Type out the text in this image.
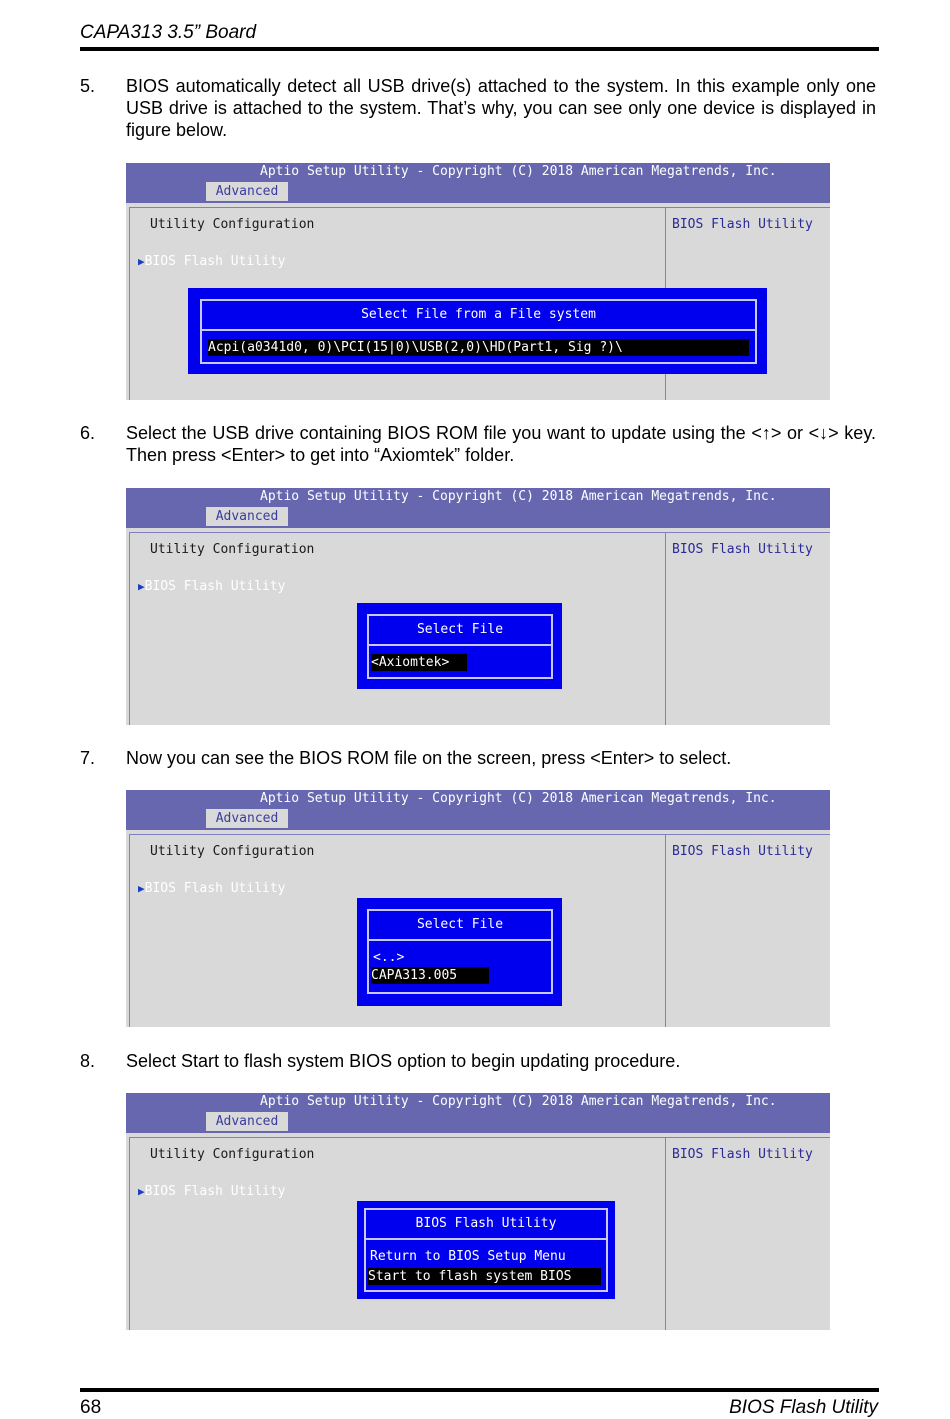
CAPA313 3.5” Board
5. BIOS automatically detect all USB drive(s) attached to the system. In this example only one USB drive is attached to the system. That’s why, you can see only one device is displayed in figure below.
Aptio Setup Utility - Copyright (C) 2018 American Megatrends, Inc.
Advanced
Utility Configuration
▶BIOS Flash Utility
BIOS Flash Utility
Select File from a File system
Acpi(a0341d0, 0)\PCI(15|0)\USB(2,0)\HD(Part1, Sig ?)\
6. Select the USB drive containing BIOS ROM file you want to update using the <↑> or <↓> key. Then press <Enter> to get into “Axiomtek” folder.
Aptio Setup Utility - Copyright (C) 2018 American Megatrends, Inc.
Advanced
Utility Configuration
▶BIOS Flash Utility
BIOS Flash Utility
Select File
<Axiomtek>
7. Now you can see the BIOS ROM file on the screen, press <Enter> to select.
Aptio Setup Utility - Copyright (C) 2018 American Megatrends, Inc.
Advanced
Utility Configuration
▶BIOS Flash Utility
BIOS Flash Utility
Select File
<..>
CAPA313.005
8. Select Start to flash system BIOS option to begin updating procedure.
Aptio Setup Utility - Copyright (C) 2018 American Megatrends, Inc.
Advanced
Utility Configuration
▶BIOS Flash Utility
BIOS Flash Utility
BIOS Flash Utility
Return to BIOS Setup Menu
Start to flash system BIOS
68	BIOS Flash Utility
